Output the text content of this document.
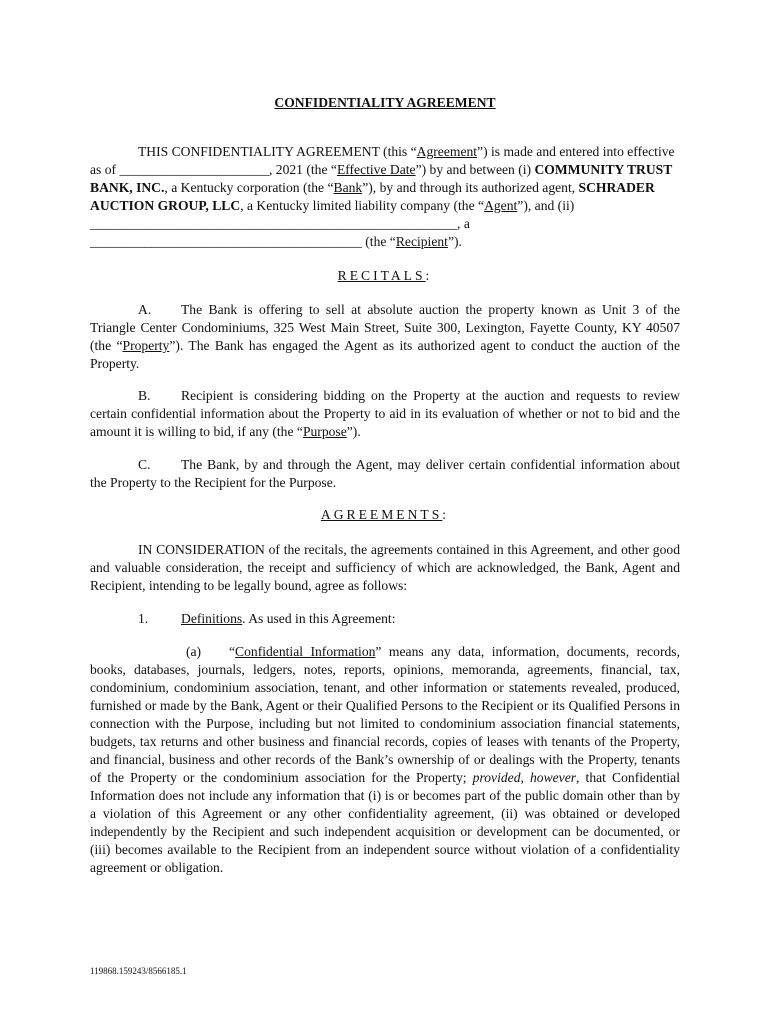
CONFIDENTIALITY AGREEMENT

THIS CONFIDENTIALITY AGREEMENT (this “Agreement”) is made and entered into effective as of ______________________, 2021 (the “Effective Date”) by and between (i) COMMUNITY TRUST BANK, INC., a Kentucky corporation (the “Bank”), by and through its authorized agent, SCHRADER AUCTION GROUP, LLC, a Kentucky limited liability company (the “Agent”), and (ii) ______________________________________________________, a ________________________________________ (the “Recipient”).

RECITALS:

A. The Bank is offering to sell at absolute auction the property known as Unit 3 of the Triangle Center Condominiums, 325 West Main Street, Suite 300, Lexington, Fayette County, KY 40507 (the “Property”). The Bank has engaged the Agent as its authorized agent to conduct the auction of the Property.

B. Recipient is considering bidding on the Property at the auction and requests to review certain confidential information about the Property to aid in its evaluation of whether or not to bid and the amount it is willing to bid, if any (the “Purpose”).

C. The Bank, by and through the Agent, may deliver certain confidential information about the Property to the Recipient for the Purpose.

AGREEMENTS:

IN CONSIDERATION of the recitals, the agreements contained in this Agreement, and other good and valuable consideration, the receipt and sufficiency of which are acknowledged, the Bank, Agent and Recipient, intending to be legally bound, agree as follows:

1. Definitions. As used in this Agreement:

(a) “Confidential Information” means any data, information, documents, records, books, databases, journals, ledgers, notes, reports, opinions, memoranda, agreements, financial, tax, condominium, condominium association, tenant, and other information or statements revealed, produced, furnished or made by the Bank, Agent or their Qualified Persons to the Recipient or its Qualified Persons in connection with the Purpose, including but not limited to condominium association financial statements, budgets, tax returns and other business and financial records, copies of leases with tenants of the Property, and financial, business and other records of the Bank’s ownership of or dealings with the Property, tenants of the Property or the condominium association for the Property; provided, however, that Confidential Information does not include any information that (i) is or becomes part of the public domain other than by a violation of this Agreement or any other confidentiality agreement, (ii) was obtained or developed independently by the Recipient and such independent acquisition or development can be documented, or (iii) becomes available to the Recipient from an independent source without violation of a confidentiality agreement or obligation.

119868.159243/8566185.1
